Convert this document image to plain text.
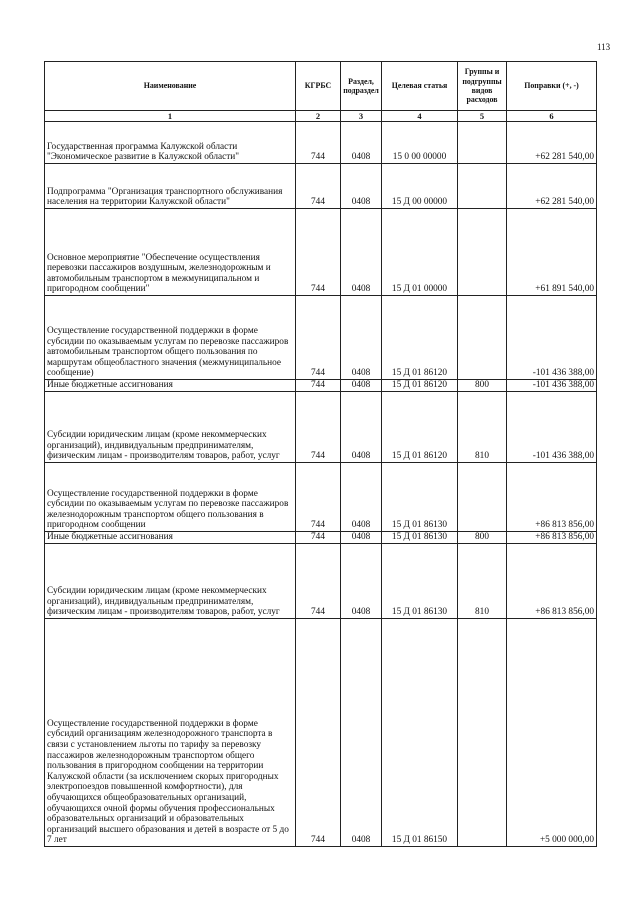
113
Наименование	КГРБС	Раздел, подраздел	Целевая статья	Группы и подгруппы видов расходов	Поправки (+, -)
1	2	3	4	5	6
Государственная программа Калужской области "Экономическое развитие в Калужской области"	744	0408	15 0 00 00000		+62 281 540,00
Подпрограмма "Организация транспортного обслуживания населения на территории Калужской области"	744	0408	15 Д 00 00000		+62 281 540,00
Основное мероприятие "Обеспечение осуществления перевозки пассажиров воздушным, железнодорожным и автомобильным транспортом в межмуниципальном и пригородном сообщении"	744	0408	15 Д 01 00000		+61 891 540,00
Осуществление государственной поддержки в форме субсидии по оказываемым услугам по перевозке пассажиров автомобильным транспортом общего пользования по маршрутам общеобластного значения (межмуниципальное сообщение)	744	0408	15 Д 01 86120		-101 436 388,00
Иные бюджетные ассигнования	744	0408	15 Д 01 86120	800	-101 436 388,00
Субсидии юридическим лицам (кроме некоммерческих организаций), индивидуальным предпринимателям, физическим лицам - производителям товаров, работ, услуг	744	0408	15 Д 01 86120	810	-101 436 388,00
Осуществление государственной поддержки в форме субсидии по оказываемым услугам по перевозке пассажиров железнодорожным транспортом общего пользования в пригородном сообщении	744	0408	15 Д 01 86130		+86 813 856,00
Иные бюджетные ассигнования	744	0408	15 Д 01 86130	800	+86 813 856,00
Субсидии юридическим лицам (кроме некоммерческих организаций), индивидуальным предпринимателям, физическим лицам - производителям товаров, работ, услуг	744	0408	15 Д 01 86130	810	+86 813 856,00
Осуществление государственной поддержки в форме субсидий организациям железнодорожного транспорта в связи с установлением льготы по тарифу за перевозку пассажиров железнодорожным транспортом общего пользования в пригородном сообщении на территории Калужской области (за исключением скорых пригородных электропоездов повышенной комфортности), для обучающихся общеобразовательных организаций, обучающихся очной формы обучения профессиональных образовательных организаций и образовательных организаций высшего образования и детей в возрасте от 5 до 7 лет	744	0408	15 Д 01 86150		+5 000 000,00
